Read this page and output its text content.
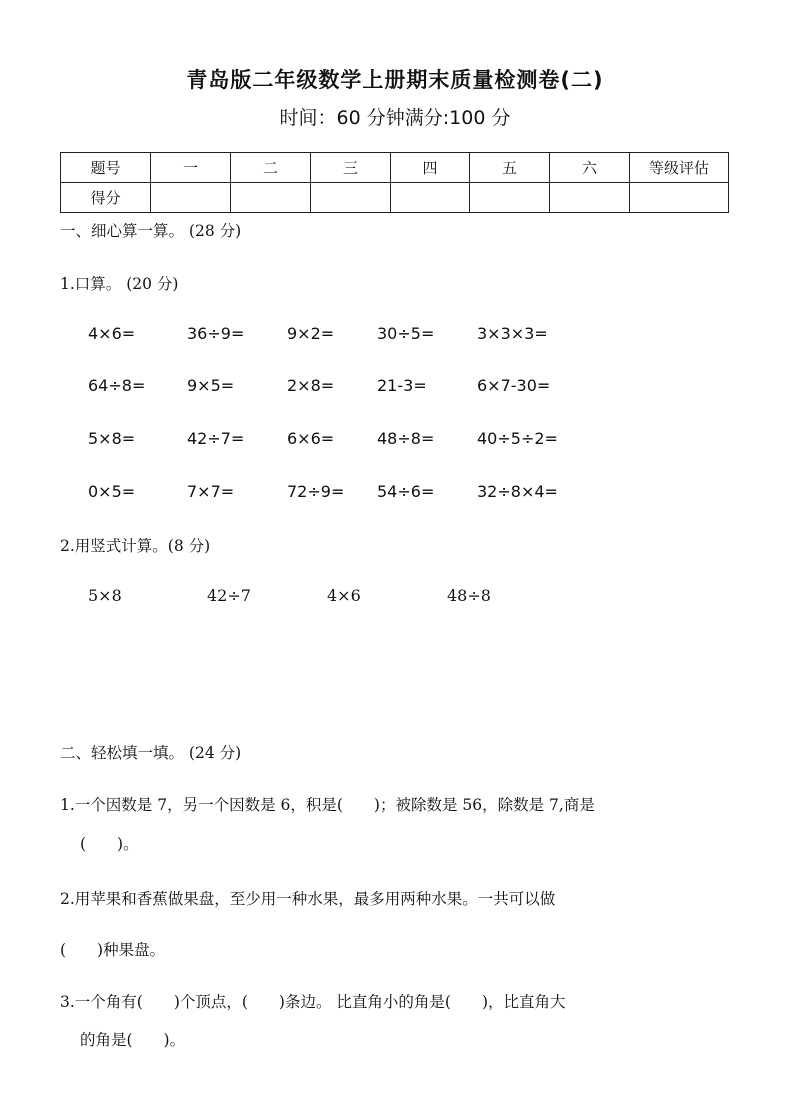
青岛版二年级数学上册期末质量检测卷(二)
时间：60 分钟满分:100 分
题号	一	二	三	四	五	六	等级评估
得分							
一、细心算一算。 (28 分)
1.口算。 (20 分)
4×6=	36÷9=	9×2=	30÷5=	3×3×3=
64÷8=	9×5=	2×8=	21-3=	6×7-30=
5×8=	42÷7=	6×6=	48÷8=	40÷5÷2=
0×5=	7×7=	72÷9= 54÷6=	32÷8×4=
2.用竖式计算。(8 分)
5×8	42÷7	4×6	48÷8
二、轻松填一填。 (24 分)
1.一个因数是 7，另一个因数是 6，积是(　　)；被除数是 56，除数是 7,商是
(　　)。
2.用苹果和香蕉做果盘，至少用一种水果，最多用两种水果。一共可以做
(　　)种果盘。
3.一个角有(　　)个顶点，(　　)条边。 比直角小的角是(　　)，比直角大
的角是(　　)。
